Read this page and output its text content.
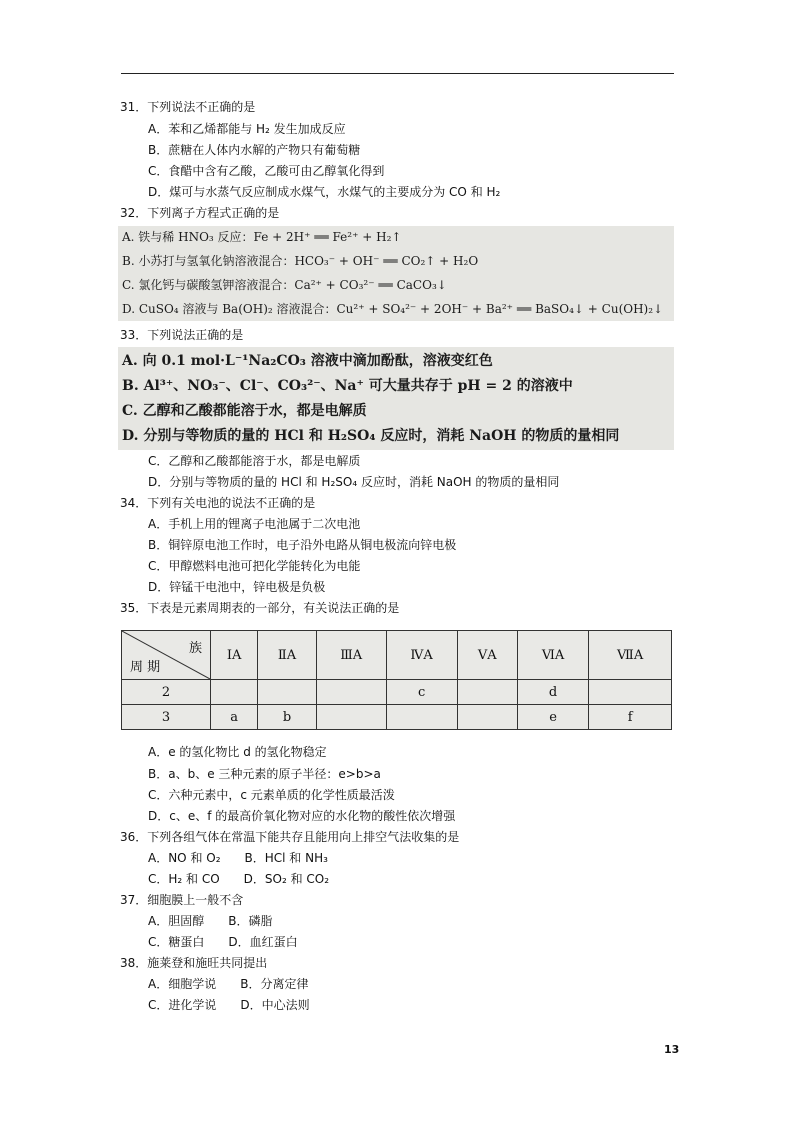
31．下列说法不正确的是
A．苯和乙烯都能与 H₂ 发生加成反应
B．蔗糖在人体内水解的产物只有葡萄糖
C．食醋中含有乙酸，乙酸可由乙醇氧化得到
D．煤可与水蒸气反应制成水煤气，水煤气的主要成分为 CO 和 H₂
32．下列离子方程式正确的是
A. 铁与稀 HNO₃ 反应：Fe + 2H⁺ ══ Fe²⁺ + H₂↑
B. 小苏打与氢氧化钠溶液混合：HCO₃⁻ + OH⁻ ══ CO₂↑ + H₂O
C. 氯化钙与碳酸氢钾溶液混合：Ca²⁺ + CO₃²⁻ ══ CaCO₃↓
D. CuSO₄ 溶液与 Ba(OH)₂ 溶液混合：Cu²⁺ + SO₄²⁻ + 2OH⁻ + Ba²⁺ ══ BaSO₄↓ + Cu(OH)₂↓
33．下列说法正确的是
A. 向 0.1 mol·L⁻¹Na₂CO₃ 溶液中滴加酚酞，溶液变红色
B. Al³⁺、NO₃⁻、Cl⁻、CO₃²⁻、Na⁺ 可大量共存于 pH = 2 的溶液中
C. 乙醇和乙酸都能溶于水，都是电解质
D. 分别与等物质的量的 HCl 和 H₂SO₄ 反应时，消耗 NaOH 的物质的量相同
C．乙醇和乙酸都能溶于水，都是电解质
D．分别与等物质的量的 HCl 和 H₂SO₄ 反应时，消耗 NaOH 的物质的量相同
34．下列有关电池的说法不正确的是
A．手机上用的锂离子电池属于二次电池
B．铜锌原电池工作时，电子沿外电路从铜电极流向锌电极
C．甲醇燃料电池可把化学能转化为电能
D．锌锰干电池中，锌电极是负极
35．下表是元素周期表的一部分，有关说法正确的是
族
周 期	ⅠA	ⅡA	ⅢA	ⅣA	ⅤA	ⅥA	ⅦA
2				c		d	
3	a	b				e	f
A．e 的氢化物比 d 的氢化物稳定
B．a、b、e 三种元素的原子半径：e>b>a
C．六种元素中，c 元素单质的化学性质最活泼
D．c、e、f 的最高价氧化物对应的水化物的酸性依次增强
36．下列各组气体在常温下能共存且能用向上排空气法收集的是
A．NO 和 O₂　　B．HCl 和 NH₃
C．H₂ 和 CO　　D．SO₂ 和 CO₂
37．细胞膜上一般不含
A．胆固醇　　B．磷脂
C．糖蛋白　　D．血红蛋白
38．施莱登和施旺共同提出
A．细胞学说　　B．分离定律
C．进化学说　　D．中心法则
13
